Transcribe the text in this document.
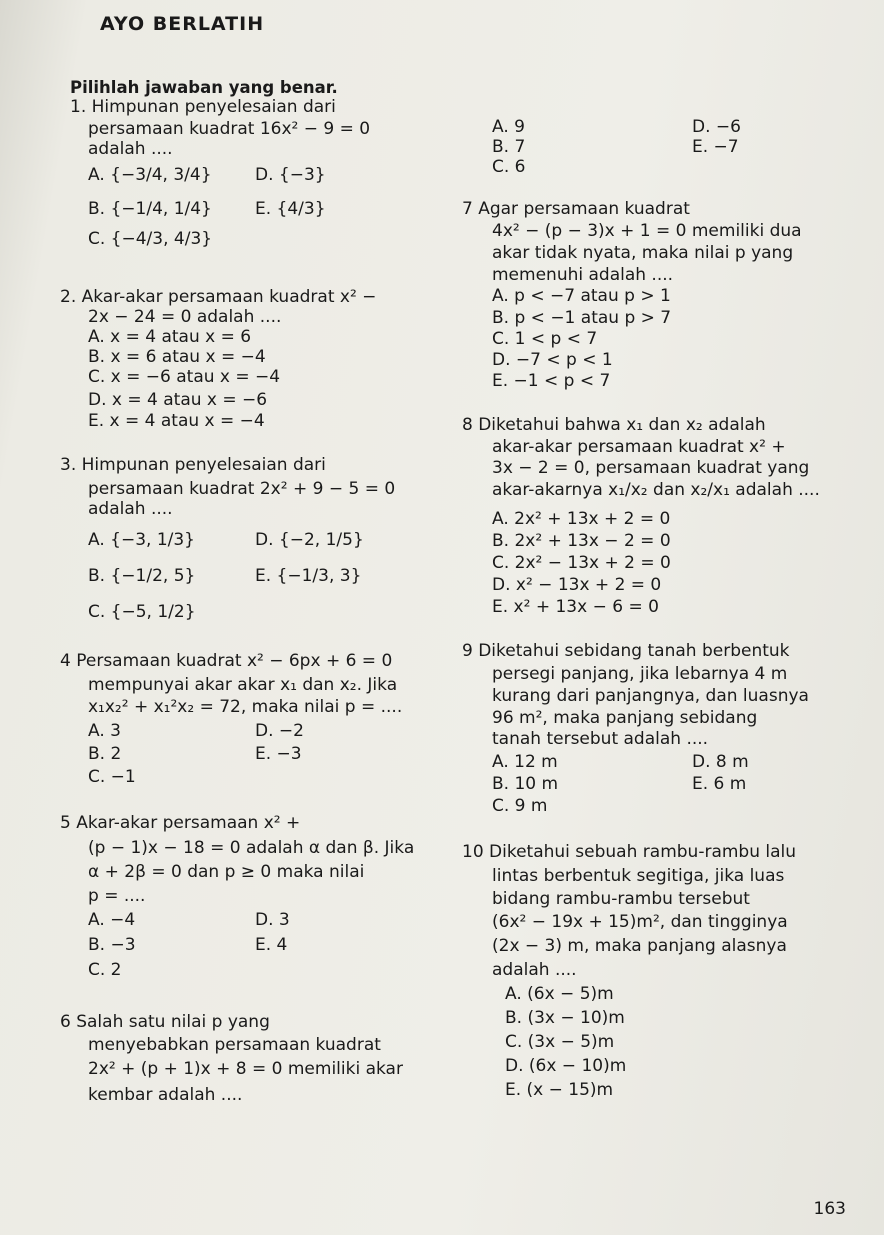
AYO BERLATIH
Pilihlah jawaban yang benar.
1. Himpunan penyelesaian dari
persamaan kuadrat 16x² − 9 = 0
adalah ....
A. {−3/4, 3/4}	D. {−3}
B. {−1/4, 1/4}	E. {4/3}
C. {−4/3, 4/3}
2. Akar-akar persamaan kuadrat x² −
2x − 24 = 0 adalah ....
A. x = 4 atau x = 6
B. x = 6 atau x = −4
C. x = −6 atau x = −4
D. x = 4 atau x = −6
E. x = 4 atau x = −4
3. Himpunan penyelesaian dari
persamaan kuadrat 2x² + 9 − 5 = 0
adalah ....
A. {−3, 1/3}	D. {−2, 1/5}
B. {−1/2, 5}	E. {−1/3, 3}
C. {−5, 1/2}
4 Persamaan kuadrat x² − 6px + 6 = 0
mempunyai akar akar x₁ dan x₂. Jika
x₁x₂² + x₁²x₂ = 72, maka nilai p = ....
A. 3	D. −2
B. 2	E. −3
C. −1
5 Akar-akar persamaan x² +
(p − 1)x − 18 = 0 adalah α dan β. Jika
α + 2β = 0 dan p ≥ 0 maka nilai
p = ....
A. −4	D. 3
B. −3	E. 4
C. 2
6 Salah satu nilai p yang
menyebabkan persamaan kuadrat
2x² + (p + 1)x + 8 = 0 memiliki akar
kembar adalah ....
A. 9	D. −6
B. 7	E. −7
C. 6
7 Agar persamaan kuadrat
4x² − (p − 3)x + 1 = 0 memiliki dua
akar tidak nyata, maka nilai p yang
memenuhi adalah ....
A. p < −7 atau p > 1
B. p < −1 atau p > 7
C. 1 < p < 7
D. −7 < p < 1
E. −1 < p < 7
8 Diketahui bahwa x₁ dan x₂ adalah
akar-akar persamaan kuadrat x² +
3x − 2 = 0, persamaan kuadrat yang
akar-akarnya x₁/x₂ dan x₂/x₁ adalah ....
A. 2x² + 13x + 2 = 0
B. 2x² + 13x − 2 = 0
C. 2x² − 13x + 2 = 0
D. x² − 13x + 2 = 0
E. x² + 13x − 6 = 0
9 Diketahui sebidang tanah berbentuk
persegi panjang, jika lebarnya 4 m
kurang dari panjangnya, dan luasnya
96 m², maka panjang sebidang
tanah tersebut adalah ....
A. 12 m	D. 8 m
B. 10 m	E. 6 m
C. 9 m
10 Diketahui sebuah rambu-rambu lalu
lintas berbentuk segitiga, jika luas
bidang rambu-rambu tersebut
(6x² − 19x + 15)m², dan tingginya
(2x − 3) m, maka panjang alasnya
adalah ....
A. (6x − 5)m
B. (3x − 10)m
C. (3x − 5)m
D. (6x − 10)m
E. (x − 15)m
163
